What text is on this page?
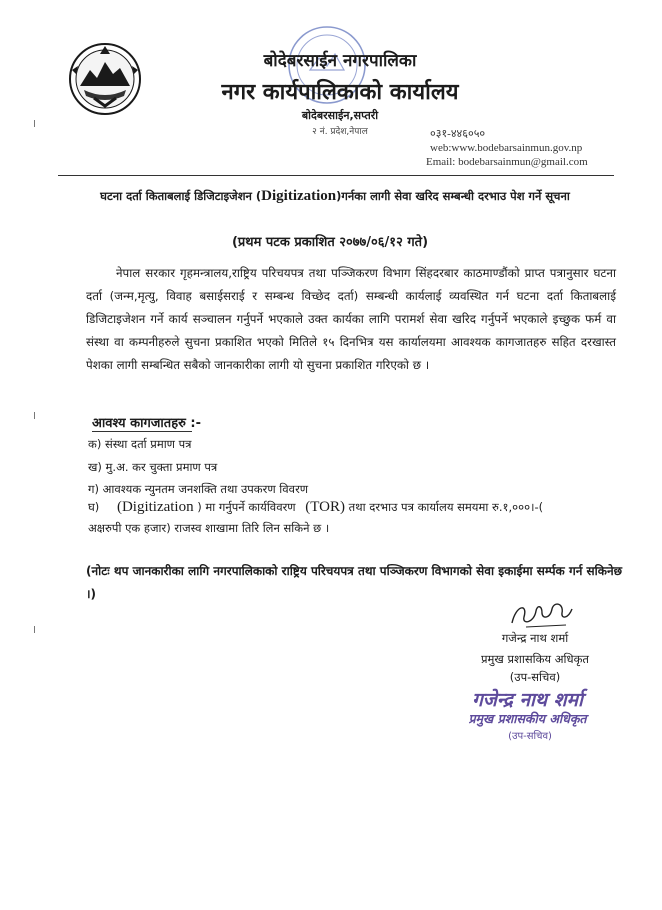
बोदेबरसाईन नगरपालिका
नगर कार्यपालिकाको कार्यालय
बोदेबरसाईन,सप्तरी
२ नं. प्रदेश,नेपाल	०३१-४४६०५०
web:www.bodebarsainmun.gov.np
Email: bodebarsainmun@gmail.com
घटना दर्ता किताबलाई डिजिटाइजेशन (Digitization)गर्नका लागी सेवा खरिद सम्बन्धी दरभाउ पेश गर्ने सूचना
(प्रथम पटक प्रकाशित २०७७/०६/१२ गते)
नेपाल सरकार गृहमन्त्रालय,राष्ट्रिय परिचयपत्र तथा पञ्जिकरण विभाग सिंहदरबार काठमाण्डौंको प्राप्त पत्रानुसार घटना दर्ता (जन्म,मृत्यु, विवाह बसाईसराई र सम्बन्ध विच्छेद दर्ता) सम्बन्धी कार्यलाई व्यवस्थित गर्न घटना दर्ता किताबलाई डिजिटाइजेशन गर्ने कार्य सञ्चालन गर्नुपर्ने भएकाले उक्त कार्यका लागि परामर्श सेवा खरिद गर्नुपर्ने भएकाले इच्छुक फर्म वा संस्था वा कम्पनीहरुले सुचना प्रकाशित भएको मितिले १५ दिनभित्र यस कार्यालयमा आवश्यक कागजातहरु सहित दरखास्त पेशका लागी सम्बन्धित सबैको जानकारीका लागी यो सुचना प्रकाशित गरिएको छ ।
आवश्य कागजातहरु :-
क) संस्था दर्ता प्रमाण पत्र
ख) मु.अ. कर चुक्ता प्रमाण पत्र
ग) आवश्यक न्युनतम जनशक्ति तथा उपकरण विवरण
घ) (Digitization ) मा गर्नुपर्ने कार्यविवरण (TOR) तथा दरभाउ पत्र कार्यालय समयमा रु.१,०००।-(
अक्षरुपी एक हजार) राजस्व शाखामा तिरि लिन सकिने छ ।
(नोटः थप जानकारीका लागि नगरपालिकाको राष्ट्रिय परिचयपत्र तथा पञ्जिकरण विभागको सेवा इकाईमा सर्म्पक गर्न सकिनेछ ।)
गजेन्द्र नाथ शर्मा
प्रमुख प्रशासकिय अधिकृत
(उप-सचिव)
गजेन्द्र नाथ शर्मा
प्रमुख प्रशासकीय अधिकृत
(उप-सचिव)
